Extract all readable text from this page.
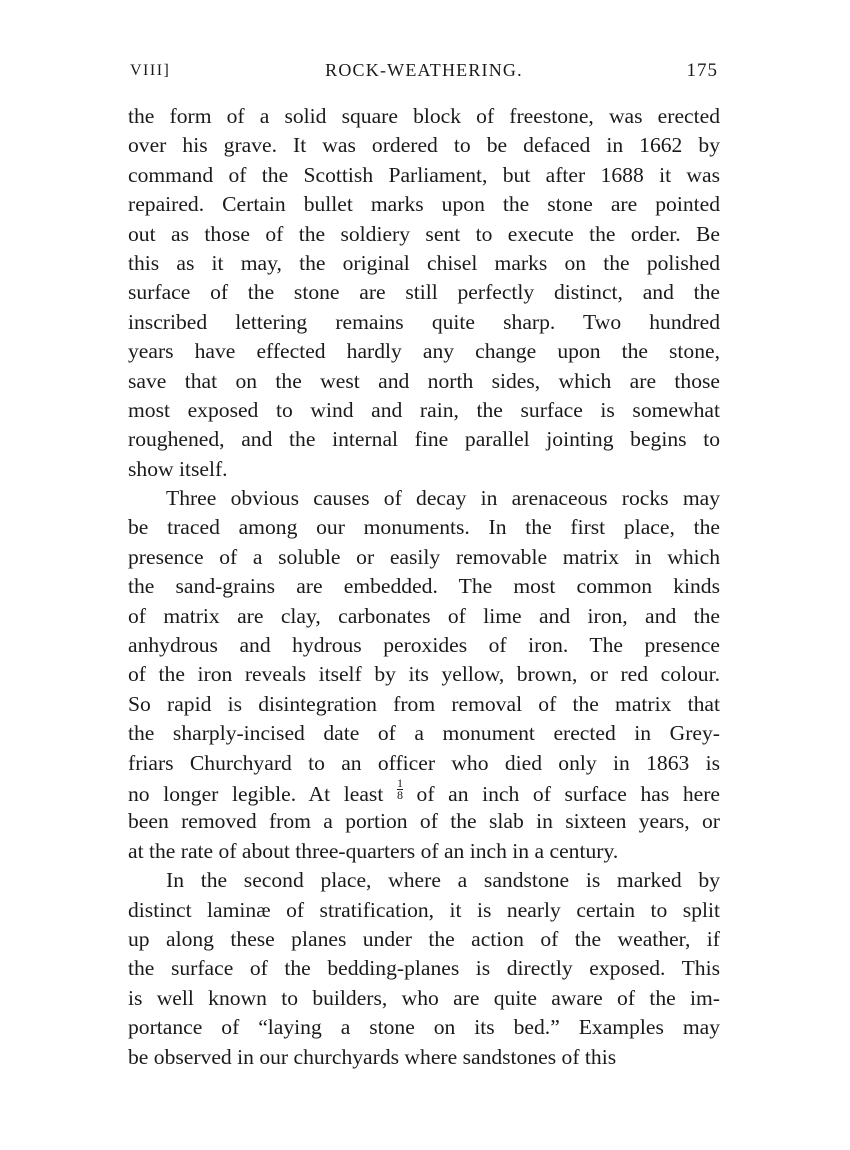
VIII]	ROCK-WEATHERING.	175
the form of a solid square block of freestone, was erected
over his grave. It was ordered to be defaced in 1662 by
command of the Scottish Parliament, but after 1688 it was
repaired. Certain bullet marks upon the stone are pointed
out as those of the soldiery sent to execute the order. Be
this as it may, the original chisel marks on the polished
surface of the stone are still perfectly distinct, and the
inscribed lettering remains quite sharp. Two hundred
years have effected hardly any change upon the stone,
save that on the west and north sides, which are those
most exposed to wind and rain, the surface is somewhat
roughened, and the internal fine parallel jointing begins to
show itself.
Three obvious causes of decay in arenaceous rocks may
be traced among our monuments. In the first place, the
presence of a soluble or easily removable matrix in which
the sand-grains are embedded. The most common kinds
of matrix are clay, carbonates of lime and iron, and the
anhydrous and hydrous peroxides of iron. The presence
of the iron reveals itself by its yellow, brown, or red colour.
So rapid is disintegration from removal of the matrix that
the sharply-incised date of a monument erected in Grey-
friars Churchyard to an officer who died only in 1863 is
no longer legible. At least $\frac{1}{8}$ of an inch of surface has here
been removed from a portion of the slab in sixteen years, or
at the rate of about three-quarters of an inch in a century.
In the second place, where a sandstone is marked by
distinct laminæ of stratification, it is nearly certain to split
up along these planes under the action of the weather, if
the surface of the bedding-planes is directly exposed. This
is well known to builders, who are quite aware of the im-
portance of “laying a stone on its bed.” Examples may
be observed in our churchyards where sandstones of this
